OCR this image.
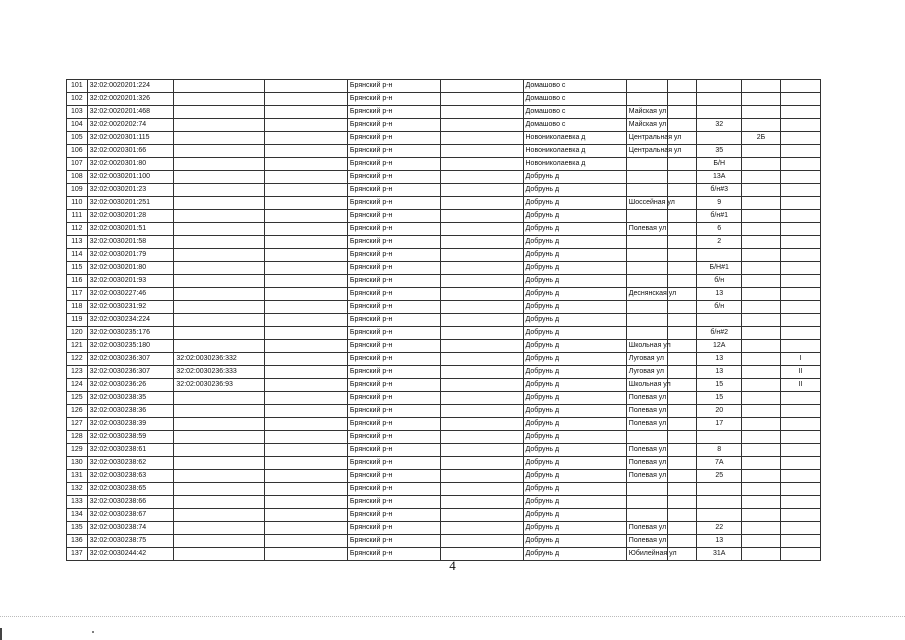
101	32:02:0020201:224			Брянский р-н		Домашово с					
102	32:02:0020201:326			Брянский р-н		Домашово с					
103	32:02:0020201:468			Брянский р-н		Домашово с	Майская ул				
104	32:02:0020202:74			Брянский р-н		Домашово с	Майская ул		32		
105	32:02:0020301:115			Брянский р-н		Новониколаевка д	Центральная ул			2Б	
106	32:02:0020301:66			Брянский р-н		Новониколаевка д	Центральная ул		35		
107	32:02:0020301:80			Брянский р-н		Новониколаевка д			Б/Н		
108	32:02:0030201:100			Брянский р-н		Добрунь д			13А		
109	32:02:0030201:23			Брянский р-н		Добрунь д			б/н#3		
110	32:02:0030201:251			Брянский р-н		Добрунь д	Шоссейная ул		9		
111	32:02:0030201:28			Брянский р-н		Добрунь д			б/н#1		
112	32:02:0030201:51			Брянский р-н		Добрунь д	Полевая ул		6		
113	32:02:0030201:58			Брянский р-н		Добрунь д			2		
114	32:02:0030201:79			Брянский р-н		Добрунь д					
115	32:02:0030201:80			Брянский р-н		Добрунь д			Б/Н#1		
116	32:02:0030201:93			Брянский р-н		Добрунь д			б/н		
117	32:02:0030227:46			Брянский р-н		Добрунь д	Деснянская ул		13		
118	32:02:0030231:92			Брянский р-н		Добрунь д			б/н		
119	32:02:0030234:224			Брянский р-н		Добрунь д					
120	32:02:0030235:176			Брянский р-н		Добрунь д			б/н#2		
121	32:02:0030235:180			Брянский р-н		Добрунь д	Школьная ул		12А		
122	32:02:0030236:307	32:02:0030236:332		Брянский р-н		Добрунь д	Луговая ул		13		I
123	32:02:0030236:307	32:02:0030236:333		Брянский р-н		Добрунь д	Луговая ул		13		II
124	32:02:0030236:26	32:02:0030236:93		Брянский р-н		Добрунь д	Школьная ул		15		II
125	32:02:0030238:35			Брянский р-н		Добрунь д	Полевая ул		15		
126	32:02:0030238:36			Брянский р-н		Добрунь д	Полевая ул		20		
127	32:02:0030238:39			Брянский р-н		Добрунь д	Полевая ул		17		
128	32:02:0030238:59			Брянский р-н		Добрунь д					
129	32:02:0030238:61			Брянский р-н		Добрунь д	Полевая ул		8		
130	32:02:0030238:62			Брянский р-н		Добрунь д	Полевая ул		7А		
131	32:02:0030238:63			Брянский р-н		Добрунь д	Полевая ул		25		
132	32:02:0030238:65			Брянский р-н		Добрунь д					
133	32:02:0030238:66			Брянский р-н		Добрунь д					
134	32:02:0030238:67			Брянский р-н		Добрунь д					
135	32:02:0030238:74			Брянский р-н		Добрунь д	Полевая ул		22		
136	32:02:0030238:75			Брянский р-н		Добрунь д	Полевая ул		13		
137	32:02:0030244:42			Брянский р-н		Добрунь д	Юбилейная ул		31А		
4
